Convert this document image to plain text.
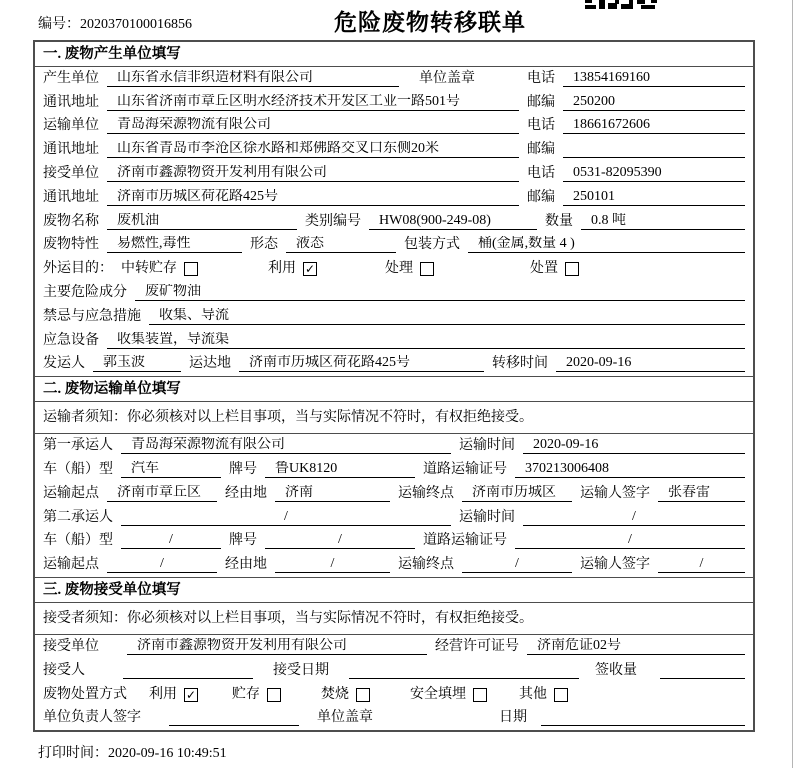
编号：2020370100016856	危险废物转移联单
一. 废物产生单位填写
产生单位	山东省永信非织造材料有限公司	单位盖章	电话	13854169160
通讯地址	山东省济南市章丘区明水经济技术开发区工业一路501号	邮编	250200
运输单位	青岛海荣源物流有限公司	电话	18661672606
通讯地址	山东省青岛市李沧区徐水路和郑佛路交叉口东侧20米	邮编
接受单位	济南市鑫源物资开发利用有限公司	电话	0531-82095390
通讯地址	济南市历城区荷花路425号	邮编	250101
废物名称	废机油	类别编号	HW08(900-249-08)	数量	0.8 吨
废物特性	易燃性,毒性	形态	液态	包装方式	桶(金属,数量 4 )
外运目的： 中转贮存	利用 ✓	处理	处置
主要危险成分	废矿物油
禁忌与应急措施	收集、导流
应急设备	收集装置，导流渠
发运人	郭玉波	运达地	济南市历城区荷花路425号	转移时间	2020-09-16
二. 废物运输单位填写
运输者须知：你必须核对以上栏目事项，当与实际情况不符时，有权拒绝接受。
第一承运人	青岛海荣源物流有限公司	运输时间	2020-09-16
车（船）型	汽车	牌号	鲁UK8120	道路运输证号	370213006408
运输起点	济南市章丘区	经由地	济南	运输终点	济南市历城区	运输人签字	张春雷
第二承运人	/	运输时间	/
车（船）型	/	牌号	/	道路运输证号	/
运输起点	/	经由地	/	运输终点	/	运输人签字	/
三. 废物接受单位填写
接受者须知：你必须核对以上栏目事项，当与实际情况不符时，有权拒绝接受。
接受单位	济南市鑫源物资开发利用有限公司	经营许可证号	济南危证02号
接受人	接受日期	签收量
废物处置方式	利用 ✓	贮存	焚烧	安全填埋	其他
单位负责人签字	单位盖章	日期
打印时间：2020-09-16 10:49:51
